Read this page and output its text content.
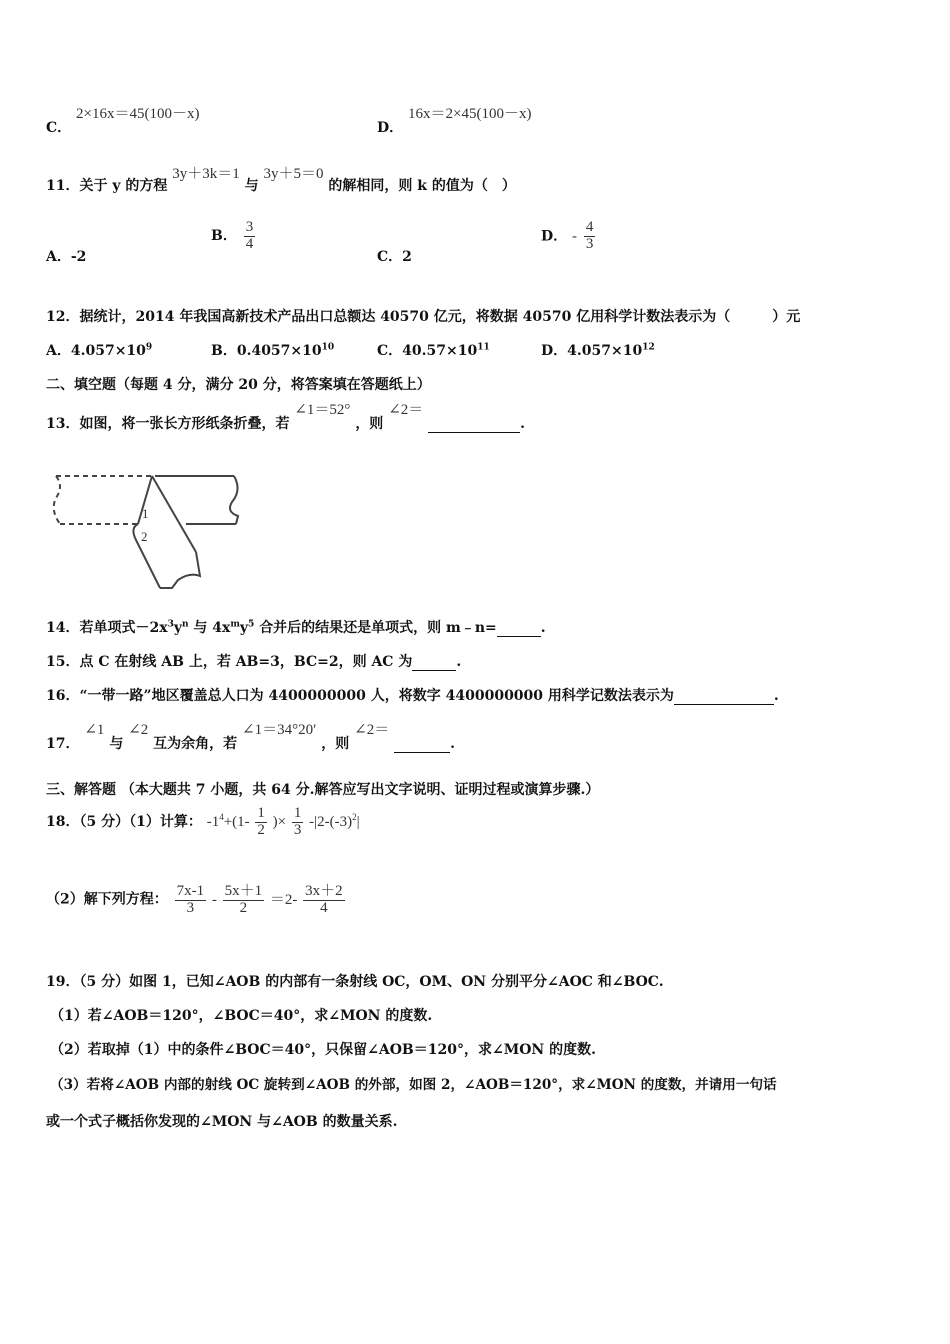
C． 2×16x＝45(100－x)
D． 16x＝2×45(100－x)
11．关于 y 的方程 3y＋3k＝1 与 3y＋5＝0 的解相同，则 k 的值为（　）
A．-2
B． $\frac{3}{4}$
C．2
D． - $\frac{4}{3}$
12．据统计，2014 年我国高新技术产品出口总额达 40570 亿元，将数据 40570 亿用科学计数法表示为（　　　）元
A．$4.057\times 10^9$	B．$0.4057\times 10^{10}$	C．$40.57\times 10^{11}$	D．$4.057\times 10^{12}$
二、填空题（每题 4 分，满分 20 分，将答案填在答题纸上）
13．如图，将一张长方形纸条折叠，若 ∠1＝52° ，则 ∠2＝  .
1
2
14．若单项式$-2x^3y^n$ 与 $4x^my^5$ 合并后的结果还是单项式，则 m﹣n=	.
15．点 C 在射线 AB 上，若 AB=3，BC=2，则 AC 为	.
16．“一带一路”地区覆盖总人口为 4400000000 人，将数字 4400000000 用科学记数法表示为	.
17． ∠1 与 ∠2 互为余角，若 ∠1＝34°20′ ，则 ∠2＝  .
三、解答题 （本大题共 7 小题，共 64 分.解答应写出文字说明、证明过程或演算步骤.）
18．（5 分）（1）计算： $-1^4+(1- \frac{1}{2}$ )× $\frac{1}{3} -|2-(-3)^2|$
（2）解下列方程： $\frac{7x-1}{3} - \frac{5x+1}{2} =2- \frac{3x+2}{4}$
19．（5 分）如图 1，已知∠AOB 的内部有一条射线 OC，OM、ON 分别平分∠AOC 和∠BOC.
（1）若∠AOB＝120°，∠BOC＝40°，求∠MON 的度数.
（2）若取掉（1）中的条件∠BOC＝40°，只保留∠AOB＝120°，求∠MON 的度数.
（3）若将∠AOB 内部的射线 OC 旋转到∠AOB 的外部，如图 2，∠AOB＝120°，求∠MON 的度数，并请用一句话
或一个式子概括你发现的∠MON 与∠AOB 的数量关系.
